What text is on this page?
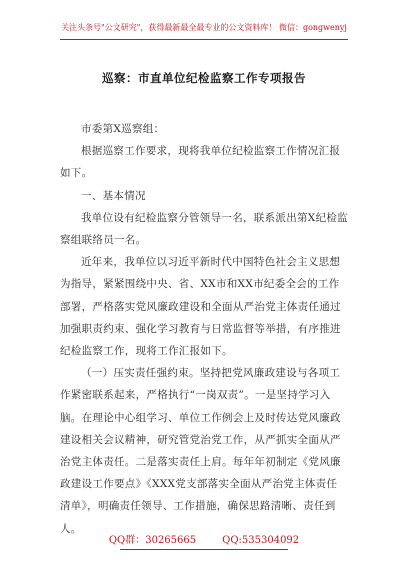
关注头条号"公文研究"，获得最新最全最专业的公文资料库！ 微信：gongwenyj
巡察：市直单位纪检监察工作专项报告

市委第X巡察组：

根据巡察工作要求，现将我单位纪检监察工作情况汇报如下。

一、基本情况

我单位设有纪检监察分管领导一名，联系派出第X纪检监察组联络员一名。

近年来，我单位以习近平新时代中国特色社会主义思想为指导，紧紧围绕中央、省、XX市和XX市纪委全会的工作部署，严格落实党风廉政建设和全面从严治党主体责任通过加强职责约束、强化学习教育与日常监督等举措，有序推进纪检监察工作，现将工作汇报如下。

（一）压实责任强约束。坚持把党风廉政建设与各项工作紧密联系起来，严格执行“一岗双责”。一是坚持学习入脑。在理论中心组学习、单位工作例会上及时传达党风廉政建设相关会议精神，研究管党治党工作，从严抓实全面从严治党主体责任。二是落实责任上肩。每年年初制定《党风廉政建设工作要点》《XXX党支部落实全面从严治党主体责任清单》，明确责任领导、工作措施，确保思路清晰、责任到人。

QQ群：30265665	QQ:535304092
